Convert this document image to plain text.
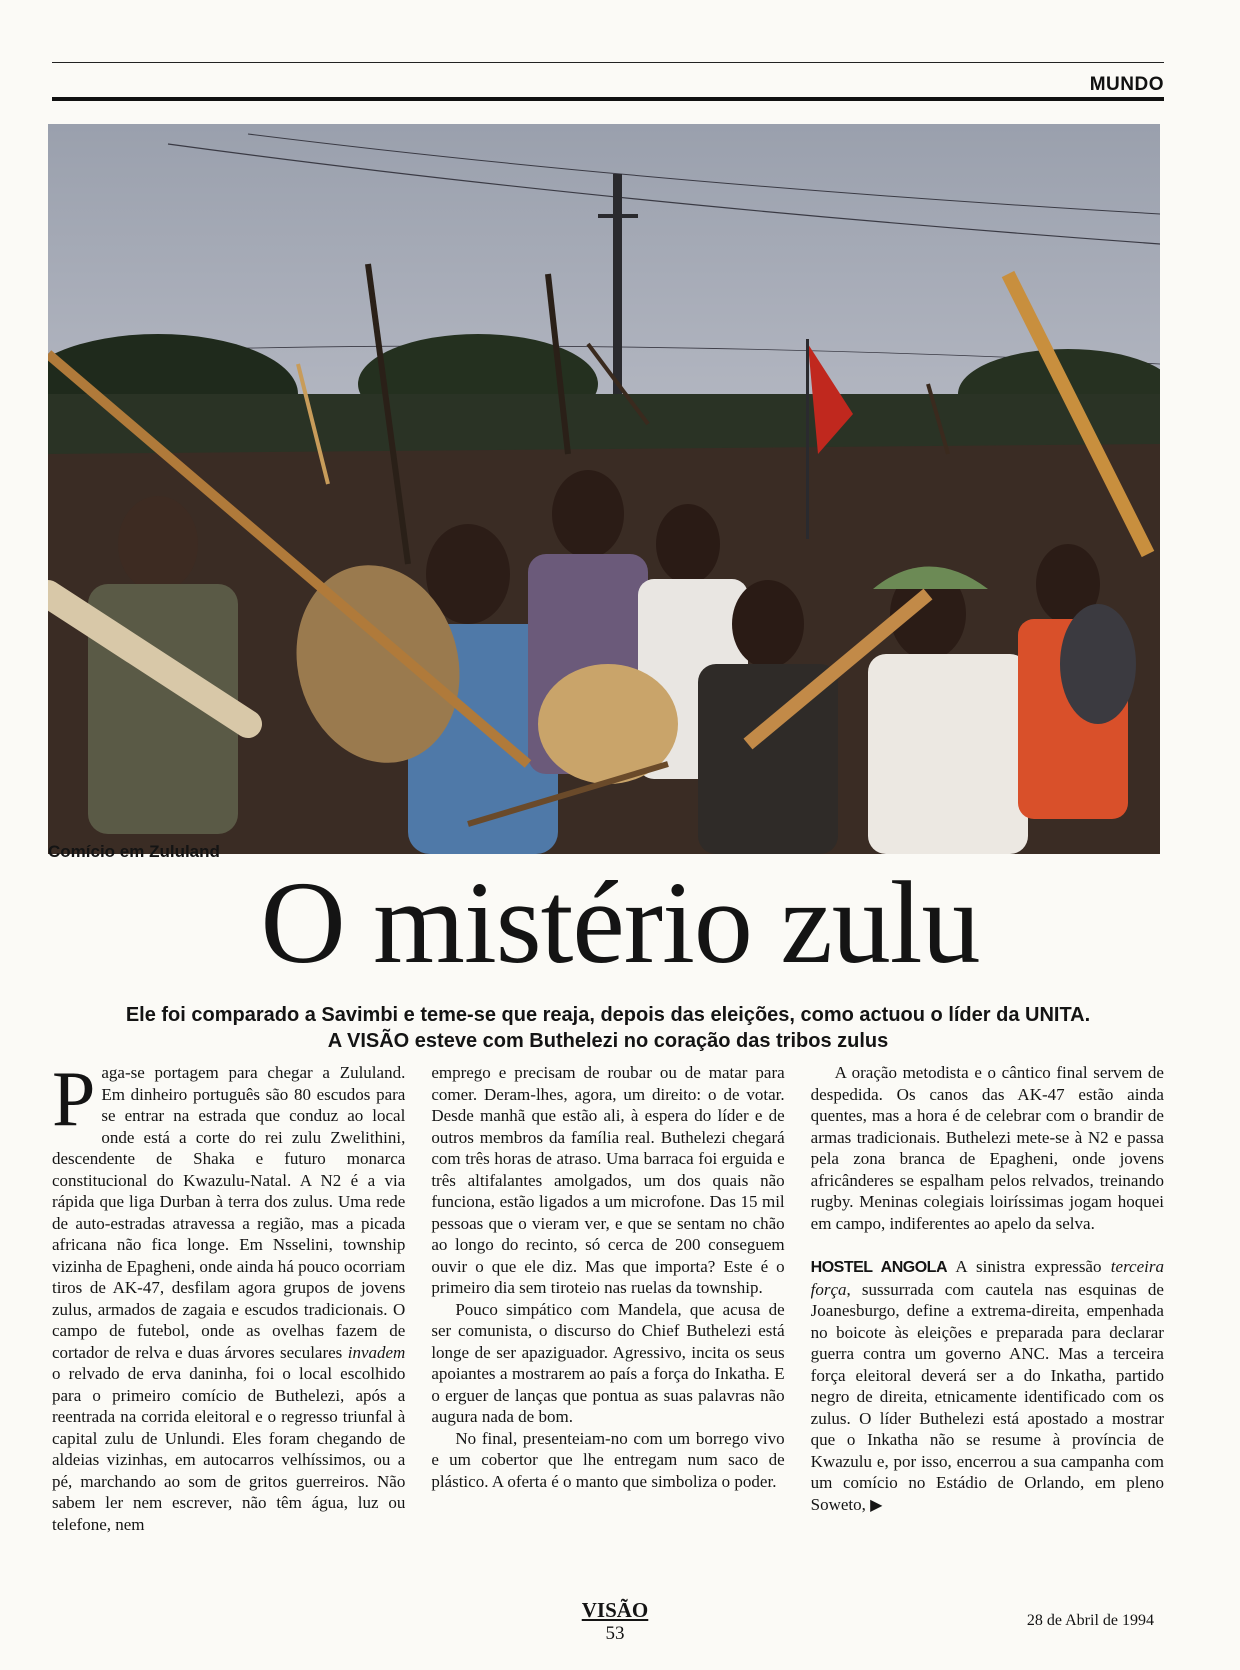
MUNDO
Comício em Zululand
O mistério zulu
Ele foi comparado a Savimbi e teme-se que reaja, depois das eleições, como actuou o líder da UNITA.
A VISÃO esteve com Buthelezi no coração das tribos zulus

Paga-se portagem para chegar a Zululand. Em dinheiro português são 80 escudos para se entrar na estrada que conduz ao local onde está a corte do rei zulu Zwelithini, descendente de Shaka e futuro monarca constitucional do Kwazulu-Natal. A N2 é a via rápida que liga Durban à terra dos zulus. Uma rede de auto-estradas atravessa a região, mas a picada africana não fica longe. Em Nsselini, township vizinha de Epagheni, onde ainda há pouco ocorriam tiros de AK-47, desfilam agora grupos de jovens zulus, armados de zagaia e escudos tradicionais. O campo de futebol, onde as ovelhas fazem de cortador de relva e duas árvores seculares invadem o relvado de erva daninha, foi o local escolhido para o primeiro comício de Buthelezi, após a reentrada na corrida eleitoral e o regresso triunfal à capital zulu de Unlundi. Eles foram chegando de aldeias vizinhas, em autocarros velhíssimos, ou a pé, marchando ao som de gritos guerreiros. Não sabem ler nem escrever, não têm água, luz ou telefone, nem

emprego e precisam de roubar ou de matar para comer. Deram-lhes, agora, um direito: o de votar. Desde manhã que estão ali, à espera do líder e de outros membros da família real. Buthelezi chegará com três horas de atraso. Uma barraca foi erguida e três altifalantes amolgados, um dos quais não funciona, estão ligados a um microfone. Das 15 mil pessoas que o vieram ver, e que se sentam no chão ao longo do recinto, só cerca de 200 conseguem ouvir o que ele diz. Mas que importa? Este é o primeiro dia sem tiroteio nas ruelas da township.

Pouco simpático com Mandela, que acusa de ser comunista, o discurso do Chief Buthelezi está longe de ser apaziguador. Agressivo, incita os seus apoiantes a mostrarem ao país a força do Inkatha. E o erguer de lanças que pontua as suas palavras não augura nada de bom.

No final, presenteiam-no com um borrego vivo e um cobertor que lhe entregam num saco de plástico. A oferta é o manto que simboliza o poder.

A oração metodista e o cântico final servem de despedida. Os canos das AK-47 estão ainda quentes, mas a hora é de celebrar com o brandir de armas tradicionais. Buthelezi mete-se à N2 e passa pela zona branca de Epagheni, onde jovens africânderes se espalham pelos relvados, treinando rugby. Meninas colegiais loiríssimas jogam hoquei em campo, indiferentes ao apelo da selva.

HOSTEL ANGOLA A sinistra expressão terceira força, sussurrada com cautela nas esquinas de Joanesburgo, define a extrema-direita, empenhada no boicote às eleições e preparada para declarar guerra contra um governo ANC. Mas a terceira força eleitoral deverá ser a do Inkatha, partido negro de direita, etnicamente identificado com os zulus. O líder Buthelezi está apostado a mostrar que o Inkatha não se resume à província de Kwazulu e, por isso, encerrou a sua campanha com um comício no Estádio de Orlando, em pleno Soweto, ▶

VISÃO
53
28 de Abril de 1994
